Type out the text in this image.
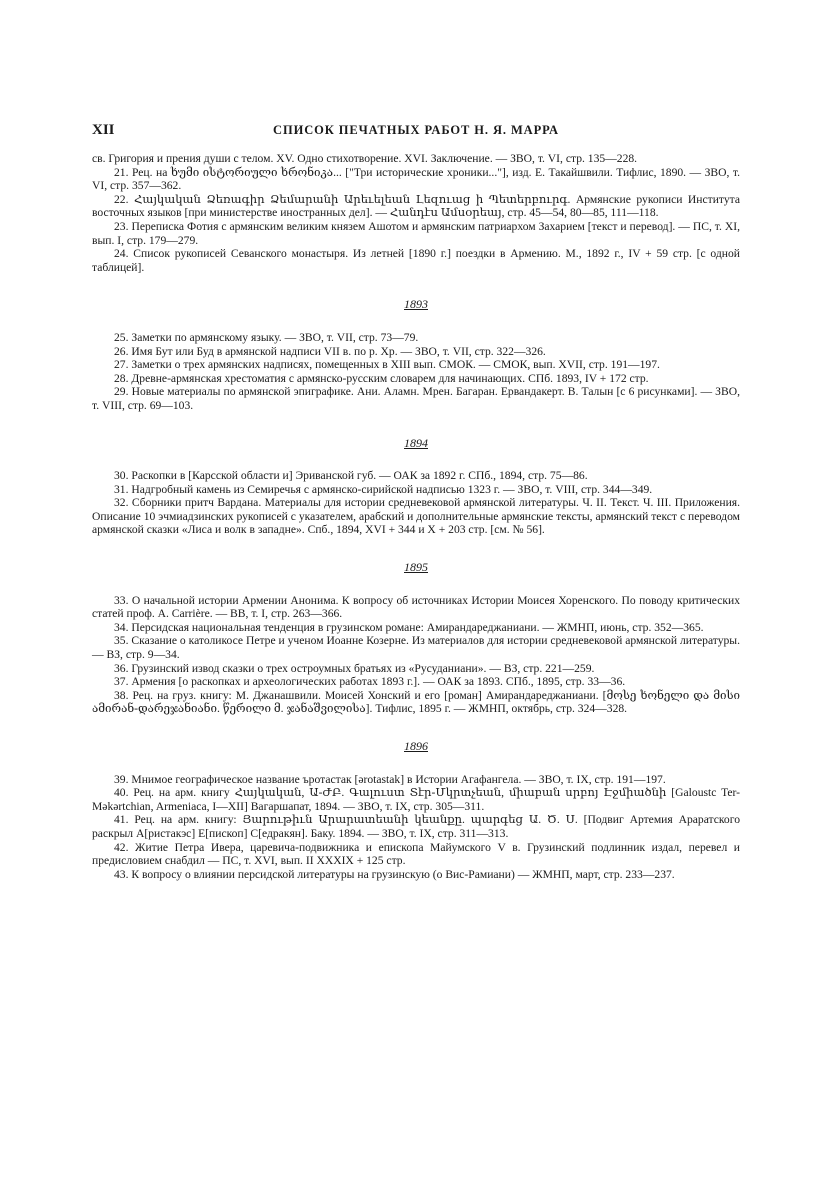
XII	СПИСОК ПЕЧАТНЫХ РАБОТ Н. Я. МАРРА

св. Григория и прения души с телом. XV. Одно стихотворение. XVI. Заключение. — ЗВО, т. VI, стр. 135—228.

21. Рец. на ხუმი ისტორიული ხრონიკა... ["Три исторические хроники..."], изд. Е. Такайшвили. Тифлис, 1890. — ЗВО, т. VI, стр. 357—362.

22. Հայկական Ձեռագիր Ձեմարանի Արեւելեան Լեզուաց ի Պետերբուրգ. Армянские рукописи Института восточных языков [при министерстве иностранных дел]. — Հանդէս Ամսօրեայ, стр. 45—54, 80—85, 111—118.

23. Переписка Фотия с армянским великим князем Ашотом и армянским патриархом Захарием [текст и перевод]. — ПС, т. XI, вып. I, стр. 179—279.

24. Список рукописей Севанского монастыря. Из летней [1890 г.] поездки в Армению. М., 1892 г., IV + 59 стр. [с одной таблицей].

1893

25. Заметки по армянскому языку. — ЗВО, т. VII, стр. 73—79.

26. Имя Бут или Буд в армянской надписи VII в. по р. Хр. — ЗВО, т. VII, стр. 322—326.

27. Заметки о трех армянских надписях, помещенных в XIII вып. СМОК. — СМОК, вып. XVII, стр. 191—197.

28. Древне-армянская хрестоматия с армянско-русским словарем для начинающих. СПб. 1893, IV + 172 стр.

29. Новые материалы по армянской эпиграфике. Ани. Аламн. Мрен. Багаран. Ервандакерт. В. Талын [с 6 рисунками]. — ЗВО, т. VIII, стр. 69—103.

1894

30. Раскопки в [Карсской области и] Эриванской губ. — ОАК за 1892 г. СПб., 1894, стр. 75—86.

31. Надгробный камень из Семиречья с армянско-сирийской надписью 1323 г. — ЗВО, т. VIII, стр. 344—349.

32. Сборники притч Вардана. Материалы для истории средневековой армянской литературы. Ч. II. Текст. Ч. III. Приложения. Описание 10 эчмиадзинских рукописей с указателем, арабский и дополнительные армянские тексты, армянский текст с переводом армянской сказки «Лиса и волк в западне». Спб., 1894, XVI + 344 и X + 203 стр. [см. № 56].

1895

33. О начальной истории Армении Анонима. К вопросу об источниках Истории Моисея Хоренского. По поводу критических статей проф. А. Carrière. — ВВ, т. I, стр. 263—366.

34. Персидская национальная тенденция в грузинском романе: Амирандареджаниани. — ЖМНП, июнь, стр. 352—365.

35. Сказание о католикосе Петре и ученом Иоанне Козерне. Из материалов для истории средневековой армянской литературы. — ВЗ, стр. 9—34.

36. Грузинский извод сказки о трех остроумных братьях из «Русудaниани». — ВЗ, стр. 221—259.

37. Армения [о раскопках и археологических работах 1893 г.]. — ОАК за 1893. СПб., 1895, стр. 33—36.

38. Рец. на груз. книгу: М. Джанашвили. Моисей Хонский и его [роман] Амирандареджаниани. [მოსე ხონელი და მისი ამირან-დარეჯანიანი. წერილი მ. ჯანაშვილისა]. Тифлис, 1895 г. — ЖМНП, октябрь, стр. 324—328.

1896

39. Мнимое географическое название ъротастак [ərotastak] в Истории Агафангела. — ЗВО, т. IX, стр. 191—197.

40. Рец. на арм. книгу Հայկական, Ա-ԺԲ. Գալուստ Տէր-Մկրտչեան, միաբան սրբոյ Էջմիածնի [Galoustc Ter-Mәkәrtchian, Armeniaca, I—XII] Вагаршапат, 1894. — ЗВО, т. IX, стр. 305—311.

41. Рец. на арм. книгу: Յարութիւն Արարատեանի կեանքը. պարգեց Ա. Ծ. Ս. [Подвиг Артемия Араратского раскрыл А[ристакэс] Е[пископ] С[едракян]. Баку. 1894. — ЗВО, т. IX, стр. 311—313.

42. Житие Петра Ивера, царевича-подвижника и епископа Майумского V в. Грузинский подлинник издал, перевел и предисловием снабдил — ПС, т. XVI, вып. II XXXIX + 125 стр.

43. К вопросу о влиянии персидской литературы на грузинскую (о Вис-Рамиани) — ЖМНП, март, стр. 233—237.
